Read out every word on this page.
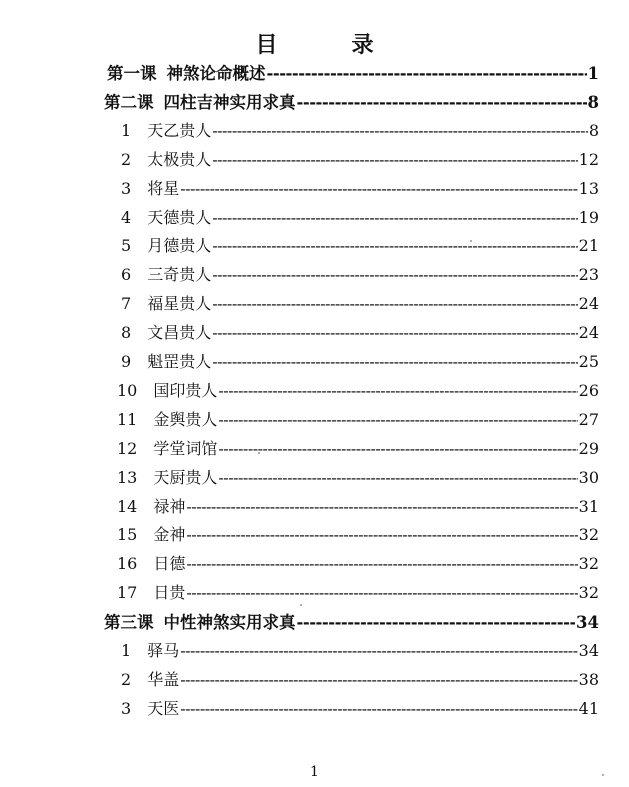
目　录
第一课 神煞论命概述 -----	1
第二课 四柱吉神实用求真 -----	8
1 天乙贵人 -----	8
2 太极贵人 -----	12
3 将星 -----	13
4 天德贵人 -----	19
5 月德贵人 -----	21
6 三奇贵人 -----	23
7 福星贵人 -----	24
8 文昌贵人 -----	24
9 魁罡贵人 -----	25
10 国印贵人 -----	26
11 金舆贵人 -----	27
12 学堂词馆 -----	29
13 天厨贵人 -----	30
14 禄神 -----	31
15 金神 -----	32
16 日德 -----	32
17 日贵 -----	32
第三课 中性神煞实用求真 -----	34
1 驿马 -----	34
2 华盖 -----	38
3 天医 -----	41
1
